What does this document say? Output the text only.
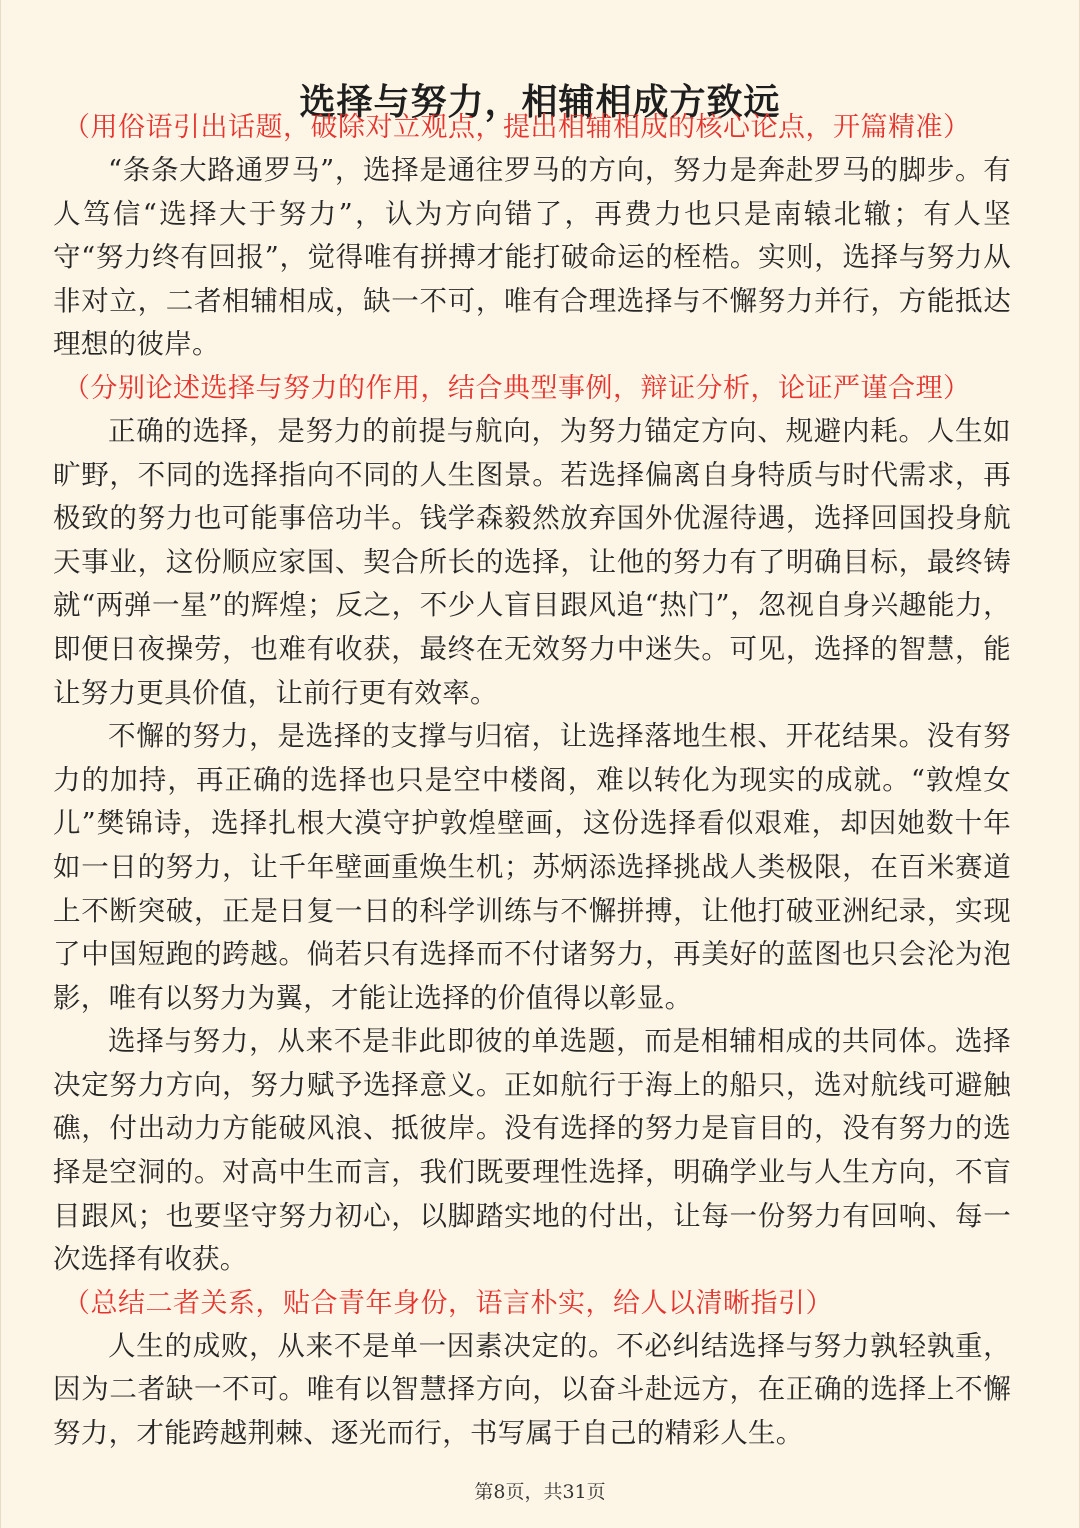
选择与努力，相辅相成方致远

（用俗语引出话题，破除对立观点，提出相辅相成的核心论点，开篇精准）

“条条大路通罗马”，选择是通往罗马的方向，努力是奔赴罗马的脚步。有人笃信“选择大于努力”，认为方向错了，再费力也只是南辕北辙；有人坚守“努力终有回报”，觉得唯有拼搏才能打破命运的桎梏。实则，选择与努力从非对立，二者相辅相成，缺一不可，唯有合理选择与不懈努力并行，方能抵达理想的彼岸。

（分别论述选择与努力的作用，结合典型事例，辩证分析，论证严谨合理）

正确的选择，是努力的前提与航向，为努力锚定方向、规避内耗。人生如旷野，不同的选择指向不同的人生图景。若选择偏离自身特质与时代需求，再极致的努力也可能事倍功半。钱学森毅然放弃国外优渥待遇，选择回国投身航天事业，这份顺应家国、契合所长的选择，让他的努力有了明确目标，最终铸就“两弹一星”的辉煌；反之，不少人盲目跟风追“热门”，忽视自身兴趣能力，即便日夜操劳，也难有收获，最终在无效努力中迷失。可见，选择的智慧，能让努力更具价值，让前行更有效率。

不懈的努力，是选择的支撑与归宿，让选择落地生根、开花结果。没有努力的加持，再正确的选择也只是空中楼阁，难以转化为现实的成就。“敦煌女儿”樊锦诗，选择扎根大漠守护敦煌壁画，这份选择看似艰难，却因她数十年如一日的努力，让千年壁画重焕生机；苏炳添选择挑战人类极限，在百米赛道上不断突破，正是日复一日的科学训练与不懈拼搏，让他打破亚洲纪录，实现了中国短跑的跨越。倘若只有选择而不付诸努力，再美好的蓝图也只会沦为泡影，唯有以努力为翼，才能让选择的价值得以彰显。

选择与努力，从来不是非此即彼的单选题，而是相辅相成的共同体。选择决定努力方向，努力赋予选择意义。正如航行于海上的船只，选对航线可避触礁，付出动力方能破风浪、抵彼岸。没有选择的努力是盲目的，没有努力的选择是空洞的。对高中生而言，我们既要理性选择，明确学业与人生方向，不盲目跟风；也要坚守努力初心，以脚踏实地的付出，让每一份努力有回响、每一次选择有收获。

（总结二者关系，贴合青年身份，语言朴实，给人以清晰指引）

人生的成败，从来不是单一因素决定的。不必纠结选择与努力孰轻孰重，因为二者缺一不可。唯有以智慧择方向，以奋斗赴远方，在正确的选择上不懈努力，才能跨越荆棘、逐光而行，书写属于自己的精彩人生。

第8页，共31页
